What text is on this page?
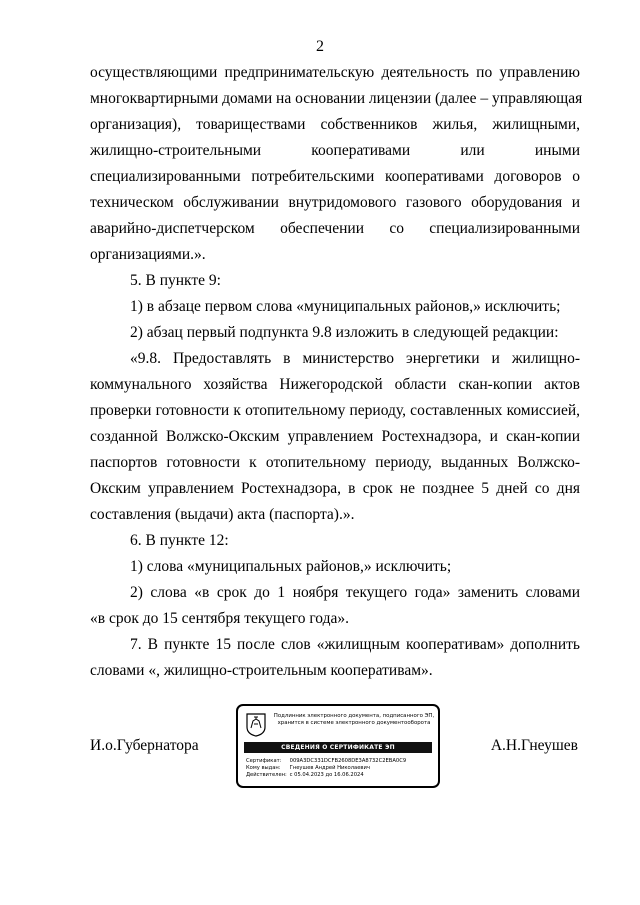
2
осуществляющими предпринимательскую деятельность по управлению
многоквартирными домами на основании лицензии (далее – управляющая
организация), товариществами собственников жилья, жилищными,
жилищно-строительными кооперативами или иными
специализированными потребительскими кооперативами договоров о
техническом обслуживании внутридомового газового оборудования и
аварийно-диспетчерском обеспечении со специализированными
организациями.».
5. В пункте 9:
1) в абзаце первом слова «муниципальных районов,» исключить;
2) абзац первый подпункта 9.8 изложить в следующей редакции:
«9.8. Предоставлять в министерство энергетики и жилищно-
коммунального хозяйства Нижегородской области скан-копии актов
проверки готовности к отопительному периоду, составленных комиссией,
созданной Волжско-Окским управлением Ростехнадзора, и скан-копии
паспортов готовности к отопительному периоду, выданных Волжско-
Окским управлением Ростехнадзора, в срок не позднее 5 дней со дня
составления (выдачи) акта (паспорта).».
6. В пункте 12:
1) слова «муниципальных районов,» исключить;
2) слова «в срок до 1 ноября текущего года» заменить словами
«в срок до 15 сентября текущего года».
7. В пункте 15 после слов «жилищным кооперативам» дополнить
словами «, жилищно-строительным кооперативам».
И.о.Губернатора	А.Н.Гнеушев
Подлинник электронного документа, подписанного ЭП,
хранится в системе электронного документооборота
СВЕДЕНИЯ О СЕРТИФИКАТЕ ЭП
Сертификат: 009A3DC331DCFB2608DE3A8732C2EBA0C9
Кому выдан: Гнеушев Андрей Николаевич
Действителен: с 05.04.2023 до 16.06.2024
